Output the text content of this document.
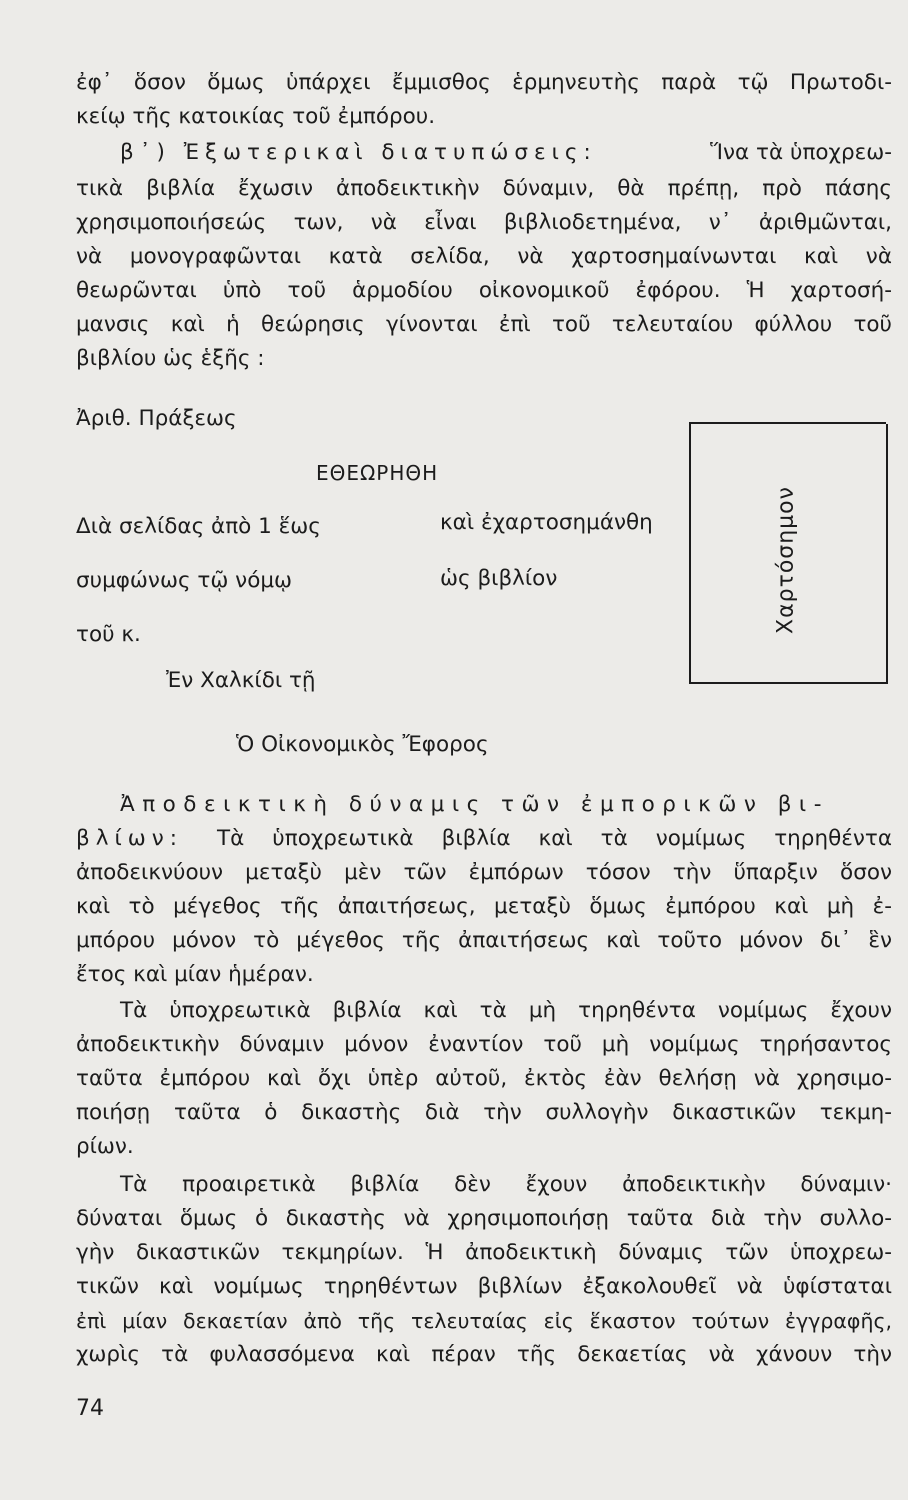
ἐφ᾽ ὅσον ὅμως ὑπάρχει ἔμμισθος ἑρμηνευτὴς παρὰ τῷ Πρωτοδι-
κείῳ τῆς κατοικίας τοῦ ἐμπόρου.
β᾽) Ἐξωτερικαὶ διατυπώσεις:	Ἵνα τὰ ὑποχρεω-
τικὰ βιβλία ἔχωσιν ἀποδεικτικὴν δύναμιν, θὰ πρέπῃ, πρὸ πάσης
χρησιμοποιήσεώς των, νὰ εἶναι βιβλιοδετημένα, ν᾽ ἀριθμῶνται,
νὰ μονογραφῶνται κατὰ σελίδα, νὰ χαρτοσημαίνωνται καὶ νὰ
θεωρῶνται ὑπὸ τοῦ ἁρμοδίου οἰκονομικοῦ ἐφόρου. Ἡ χαρτοσή-
μανσις καὶ ἡ θεώρησις γίνονται ἐπὶ τοῦ τελευταίου φύλλου τοῦ
βιβλίου ὡς ἑξῆς :
Ἀριθ. Πράξεως
ΕΘΕΩΡΗΘΗ
Διὰ σελίδας ἀπὸ 1 ἕως	καὶ ἐχαρτοσημάνθη
συμφώνως τῷ νόμῳ	ὡς βιβλίον
τοῦ κ.
Ἐν Χαλκίδι τῇ
Ὁ Οἰκονομικὸς Ἔφορος
Χαρτόσημον
Ἀποδεικτικὴ δύναμις τῶν ἐμπορικῶν βι-
βλίων: Τὰ ὑποχρεωτικὰ βιβλία καὶ τὰ νομίμως τηρηθέντα
ἀποδεικνύουν μεταξὺ μὲν τῶν ἐμπόρων τόσον τὴν ὕπαρξιν ὅσον
καὶ τὸ μέγεθος τῆς ἀπαιτήσεως, μεταξὺ ὅμως ἐμπόρου καὶ μὴ ἐ-
μπόρου μόνον τὸ μέγεθος τῆς ἀπαιτήσεως καὶ τοῦτο μόνον δι᾽ ἓν
ἔτος καὶ μίαν ἡμέραν.
Τὰ ὑποχρεωτικὰ βιβλία καὶ τὰ μὴ τηρηθέντα νομίμως ἔχουν
ἀποδεικτικὴν δύναμιν μόνον ἐναντίον τοῦ μὴ νομίμως τηρήσαντος
ταῦτα ἐμπόρου καὶ ὄχι ὑπὲρ αὐτοῦ, ἐκτὸς ἐὰν θελήσῃ νὰ χρησιμο-
ποιήσῃ ταῦτα ὁ δικαστὴς διὰ τὴν συλλογὴν δικαστικῶν τεκμη-
ρίων.
Τὰ προαιρετικὰ βιβλία δὲν ἔχουν ἀποδεικτικὴν δύναμιν·
δύναται ὅμως ὁ δικαστὴς νὰ χρησιμοποιήσῃ ταῦτα διὰ τὴν συλλο-
γὴν δικαστικῶν τεκμηρίων. Ἡ ἀποδεικτικὴ δύναμις τῶν ὑποχρεω-
τικῶν καὶ νομίμως τηρηθέντων βιβλίων ἐξακολουθεῖ νὰ ὑφίσταται
ἐπὶ μίαν δεκαετίαν ἀπὸ τῆς τελευταίας εἰς ἕκαστον τούτων ἐγγραφῆς,
χωρὶς τὰ φυλασσόμενα καὶ πέραν τῆς δεκαετίας νὰ χάνουν τὴν
74
